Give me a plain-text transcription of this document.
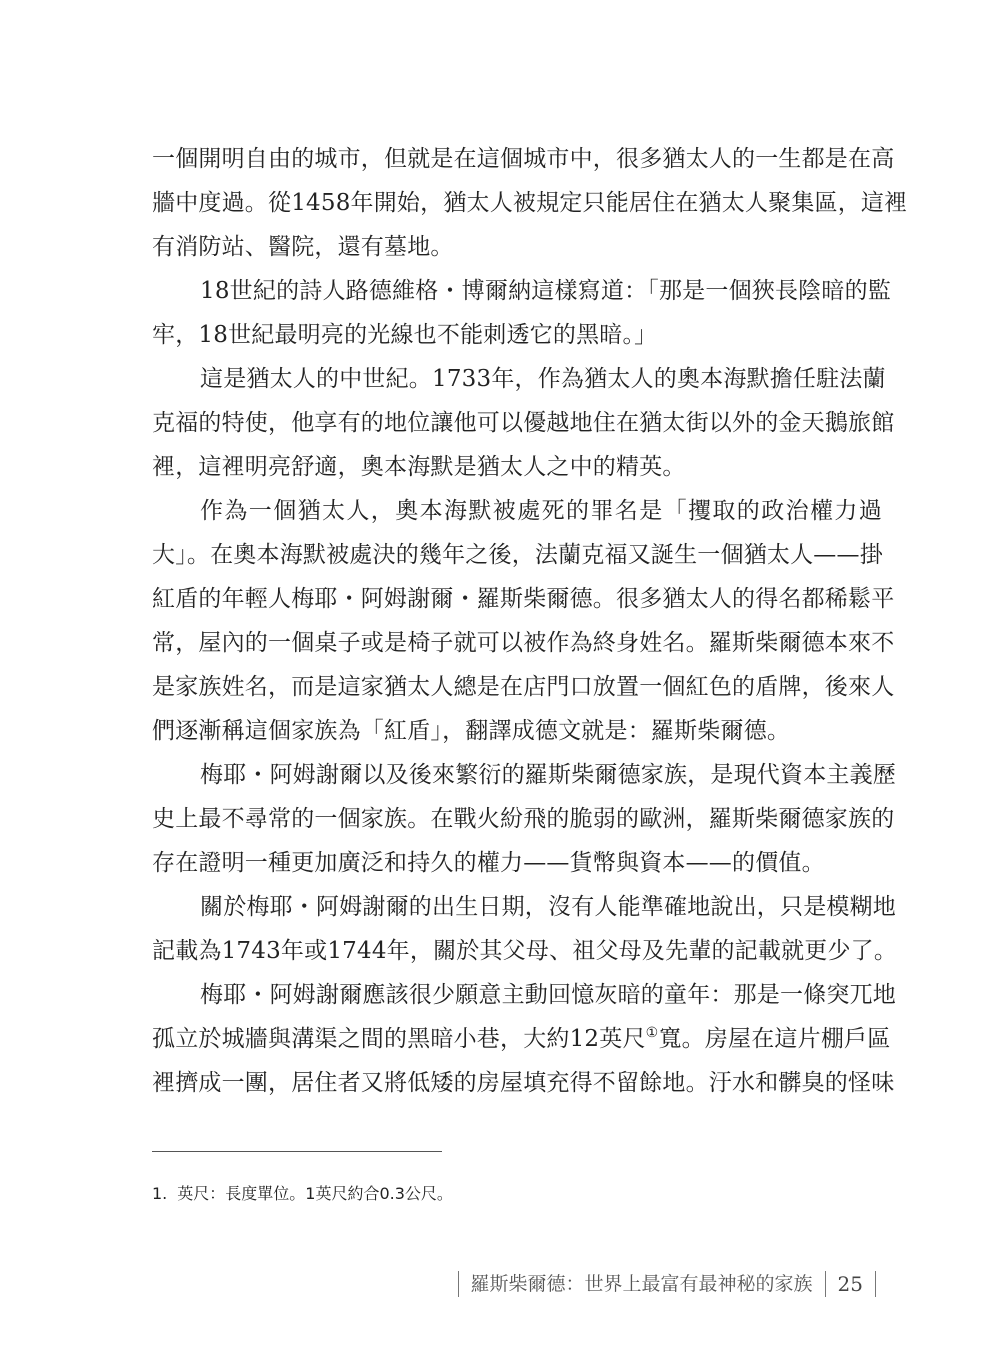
一個開明自由的城市，但就是在這個城市中，很多猶太人的一生都是在高
牆中度過。從1458年開始，猶太人被規定只能居住在猶太人聚集區，這裡
有消防站、醫院，還有墓地。
18世紀的詩人路德維格・博爾納這樣寫道：「那是一個狹長陰暗的監
牢，18世紀最明亮的光線也不能刺透它的黑暗。」
這是猶太人的中世紀。1733年，作為猶太人的奧本海默擔任駐法蘭
克福的特使，他享有的地位讓他可以優越地住在猶太街以外的金天鵝旅館
裡，這裡明亮舒適，奧本海默是猶太人之中的精英。
作為一個猶太人，奧本海默被處死的罪名是「攫取的政治權力過
大」。在奧本海默被處決的幾年之後，法蘭克福又誕生一個猶太人——掛
紅盾的年輕人梅耶・阿姆謝爾・羅斯柴爾德。很多猶太人的得名都稀鬆平
常，屋內的一個桌子或是椅子就可以被作為終身姓名。羅斯柴爾德本來不
是家族姓名，而是這家猶太人總是在店門口放置一個紅色的盾牌，後來人
們逐漸稱這個家族為「紅盾」，翻譯成德文就是：羅斯柴爾德。
梅耶・阿姆謝爾以及後來繁衍的羅斯柴爾德家族，是現代資本主義歷
史上最不尋常的一個家族。在戰火紛飛的脆弱的歐洲，羅斯柴爾德家族的
存在證明一種更加廣泛和持久的權力——貨幣與資本——的價值。
關於梅耶・阿姆謝爾的出生日期，沒有人能準確地說出，只是模糊地
記載為1743年或1744年，關於其父母、祖父母及先輩的記載就更少了。
梅耶・阿姆謝爾應該很少願意主動回憶灰暗的童年：那是一條突兀地
孤立於城牆與溝渠之間的黑暗小巷，大約12英尺①寬。房屋在這片棚戶區
裡擠成一團，居住者又將低矮的房屋填充得不留餘地。汙水和髒臭的怪味
1. 英尺：長度單位。1英尺約合0.3公尺。
羅斯柴爾德：世界上最富有最神秘的家族 25
